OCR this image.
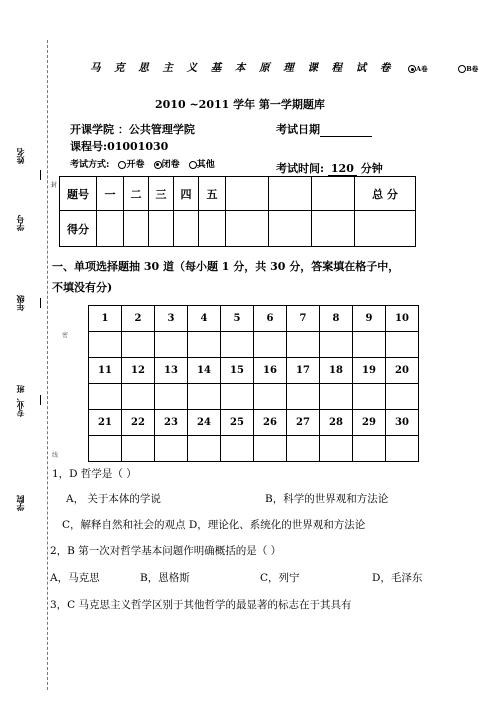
姓名
学号
年级
专业、班
学院
马 克 思 主 义 基 本 原 理 课 程 试 卷	A卷	B卷
2010 ~2011 学年 第一学期题库
开课学院 ：公共管理学院	考试日期
课程号:01001030
考试方式: 开卷 闭卷 其他	考试时间: 120 分钟
封
题号	一	二	三	四	五				总 分
得分									
一、单项选择题抽 30 道（每小题 1 分，共 30 分，答案填在格子中，
不填没有分)
密
1	2	3	4	5	6	7	8	9	10

11	12	13	14	15	16	17	18	19	20

21	22	23	24	25	26	27	28	29	30

线
1，D 哲学是（ ）
A， 关于本体的学说	B，科学的世界观和方法论
C，解释自然和社会的观点 D，理论化、系统化的世界观和方法论
2，B 第一次对哲学基本问题作明确概括的是（ ）
A，马克思	B，恩格斯	C，列宁	D，毛泽东
3，C 马克思主义哲学区别于其他哲学的最显著的标志在于其具有
